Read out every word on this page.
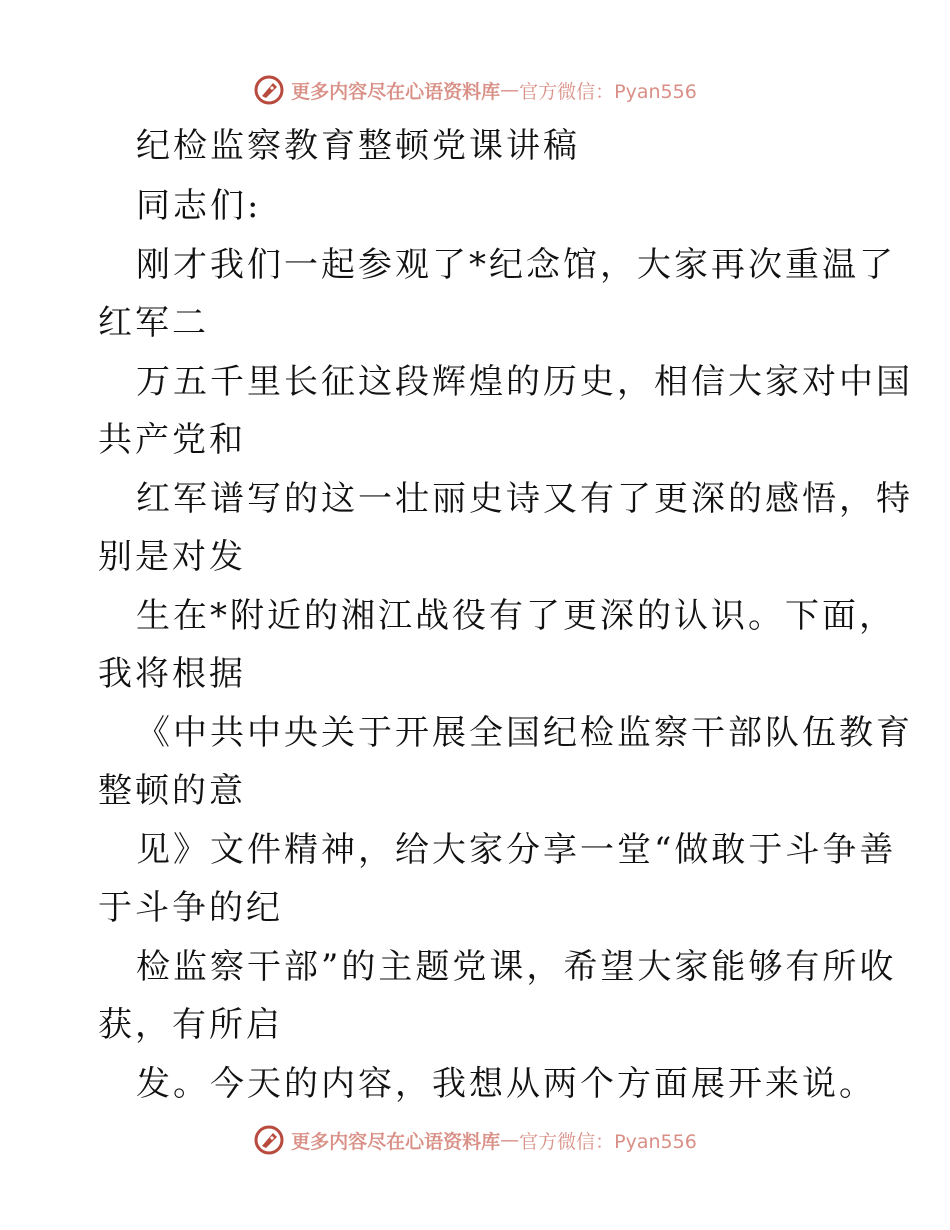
更多内容尽在心语资料库 — 官方微信：Pyan556
纪检监察教育整顿党课讲稿
同志们:
刚才我们一起参观了*纪念馆，大家再次重温了
红军二
万五千里长征这段辉煌的历史，相信大家对中国
共产党和
红军谱写的这一壮丽史诗又有了更深的感悟，特
别是对发
生在*附近的湘江战役有了更深的认识。下面，
我将根据
《中共中央关于开展全国纪检监察干部队伍教育
整顿的意
见》文件精神，给大家分享一堂“做敢于斗争善
于斗争的纪
检监察干部”的主题党课，希望大家能够有所收
获，有所启
发。今天的内容，我想从两个方面展开来说。
更多内容尽在心语资料库 — 官方微信：Pyan556
